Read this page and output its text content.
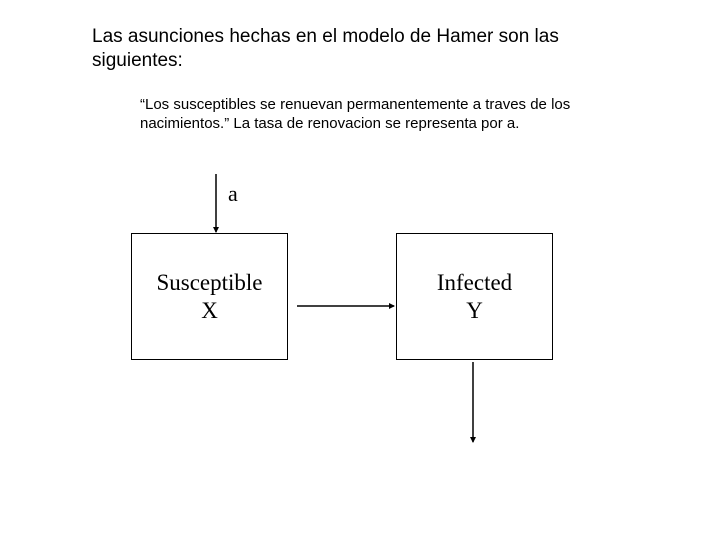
Las asunciones hechas en el modelo de Hamer son las siguientes:

“Los susceptibles se renuevan permanentemente a traves de los nacimientos.” La tasa de renovacion se representa por a.

a
Susceptible
X
Infected
Y
